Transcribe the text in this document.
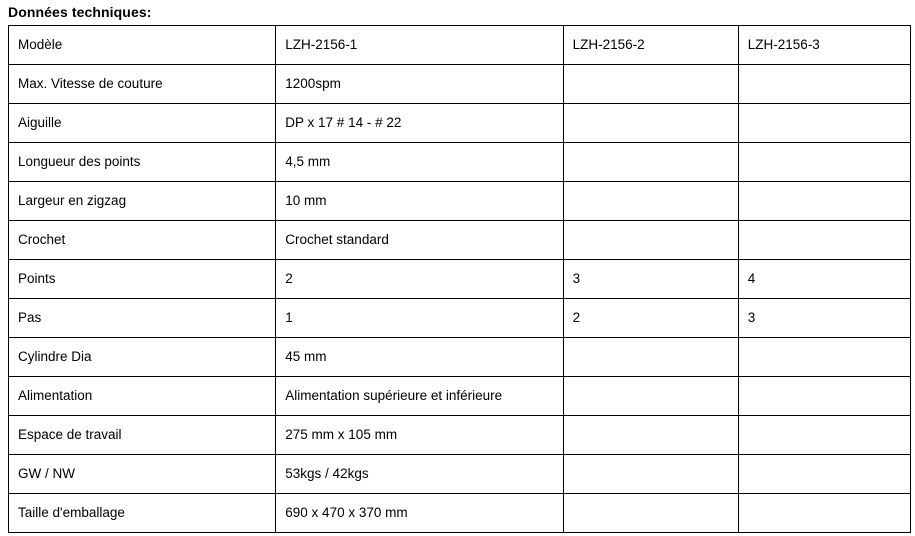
Données techniques:
Modèle	LZH-2156-1	LZH-2156-2	LZH-2156-3
Max. Vitesse de couture	1200spm		
Aiguille	DP x 17 # 14 - # 22		
Longueur des points	4,5 mm		
Largeur en zigzag	10 mm		
Crochet	Crochet standard		
Points	2	3	4
Pas	1	2	3
Cylindre Dia	45 mm		
Alimentation	Alimentation supérieure et inférieure		
Espace de travail	275 mm x 105 mm		
GW / NW	53kgs / 42kgs		
Taille d'emballage	690 x 470 x 370 mm		
